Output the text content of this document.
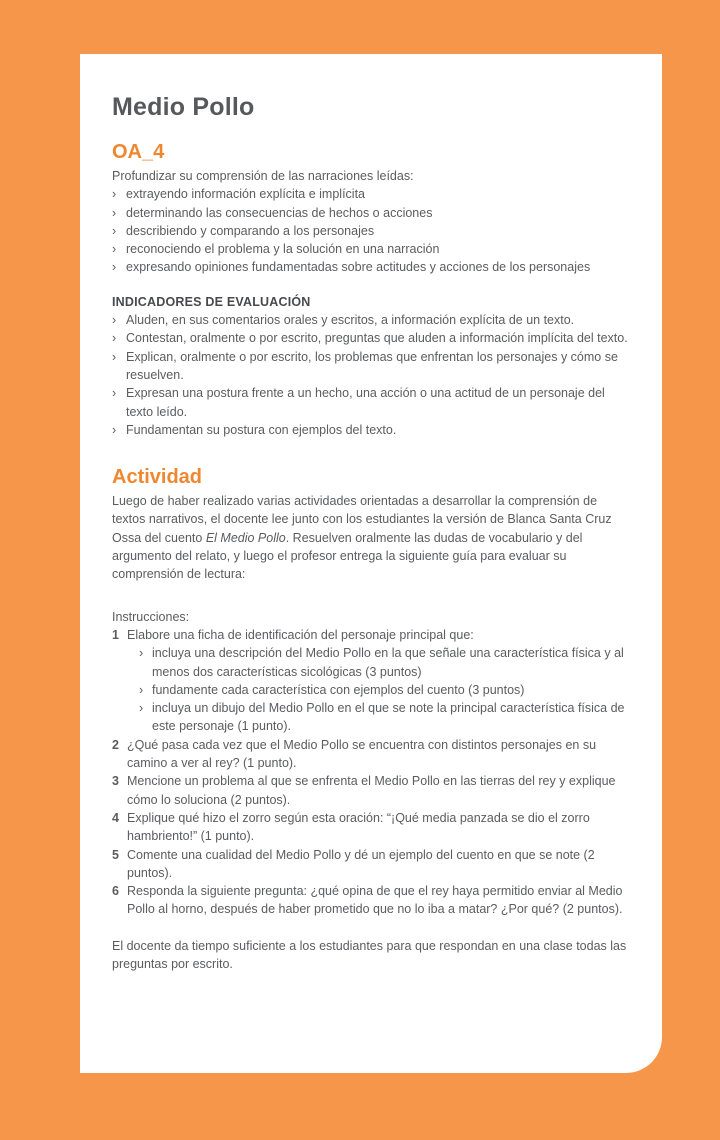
Medio Pollo
OA_4

Profundizar su comprensión de las narraciones leídas:

› extrayendo información explícita e implícita
› determinando las consecuencias de hechos o acciones
› describiendo y comparando a los personajes
› reconociendo el problema y la solución en una narración
› expresando opiniones fundamentadas sobre actitudes y acciones de los personajes
INDICADORES DE EVALUACIÓN
› Aluden, en sus comentarios orales y escritos, a información explícita de un texto.
› Contestan, oralmente o por escrito, preguntas que aluden a información implícita del texto.
› Explican, oralmente o por escrito, los problemas que enfrentan los personajes y cómo se resuelven.
› Expresan una postura frente a un hecho, una acción o una actitud de un personaje del texto leído.
› Fundamentan su postura con ejemplos del texto.
Actividad

Luego de haber realizado varias actividades orientadas a desarrollar la comprensión de textos narrativos, el docente lee junto con los estudiantes la versión de Blanca Santa Cruz Ossa del cuento El Medio Pollo. Resuelven oralmente las dudas de vocabulario y del argumento del relato, y luego el profesor entrega la siguiente guía para evaluar su comprensión de lectura:

Instrucciones:

1 Elabore una ficha de identificación del personaje principal que:

› incluya una descripción del Medio Pollo en la que señale una característica física y al menos dos características sicológicas (3 puntos)
› fundamente cada característica con ejemplos del cuento (3 puntos)
› incluya un dibujo del Medio Pollo en el que se note la principal característica física de este personaje (1 punto).
2 ¿Qué pasa cada vez que el Medio Pollo se encuentra con distintos personajes en su camino a ver al rey? (1 punto).

3 Mencione un problema al que se enfrenta el Medio Pollo en las tierras del rey y explique cómo lo soluciona (2 puntos).

4 Explique qué hizo el zorro según esta oración: “¡Qué media panzada se dio el zorro hambriento!” (1 punto).

5 Comente una cualidad del Medio Pollo y dé un ejemplo del cuento en que se note (2 puntos).

6 Responda la siguiente pregunta: ¿qué opina de que el rey haya permitido enviar al Medio Pollo al horno, después de haber prometido que no lo iba a matar? ¿Por qué? (2 puntos).

El docente da tiempo suficiente a los estudiantes para que respondan en una clase todas las preguntas por escrito.
